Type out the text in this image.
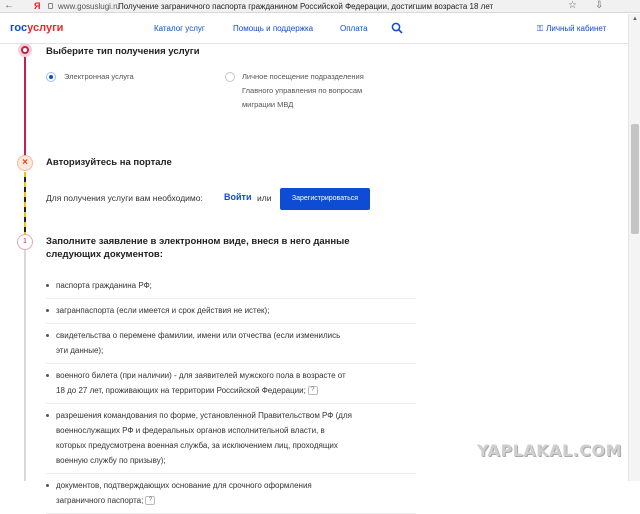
← Я www.gosuslugi.ru
Получение заграничного паспорта гражданином Российской Федерации, достигшим возраста 18 лет	☆ ⇩
госуслуги	Каталог услуг	Помощь и поддержка	Оплата	⚿ Личный кабинет
▲
×
1
Выберите тип получения услуги
Электронная услуга	Личное посещение подразделения
Главного управления по вопросам
миграции МВД
Авторизуйтесь на портале
Для получения услуги вам необходимо: Войти или	Зарегистрироваться
Заполните заявление в электронном виде, внеся в него данные
следующих документов:
паспорта гражданина РФ;
загранпаспорта (если имеется и срок действия не истек);
свидетельства о перемене фамилии, имени или отчества (если изменились
эти данные);
военного билета (при наличии) - для заявителей мужского пола в возрасте от
18 до 27 лет, проживающих на территории Российской Федерации; ?
разрешения командования по форме, установленной Правительством РФ (для
военнослужащих РФ и федеральных органов исполнительной власти, в
которых предусмотрена военная служба, за исключением лиц, проходящих
военную службу по призыву);
документов, подтверждающих основание для срочного оформления
заграничного паспорта; ?
YAPLAKAL.COM
